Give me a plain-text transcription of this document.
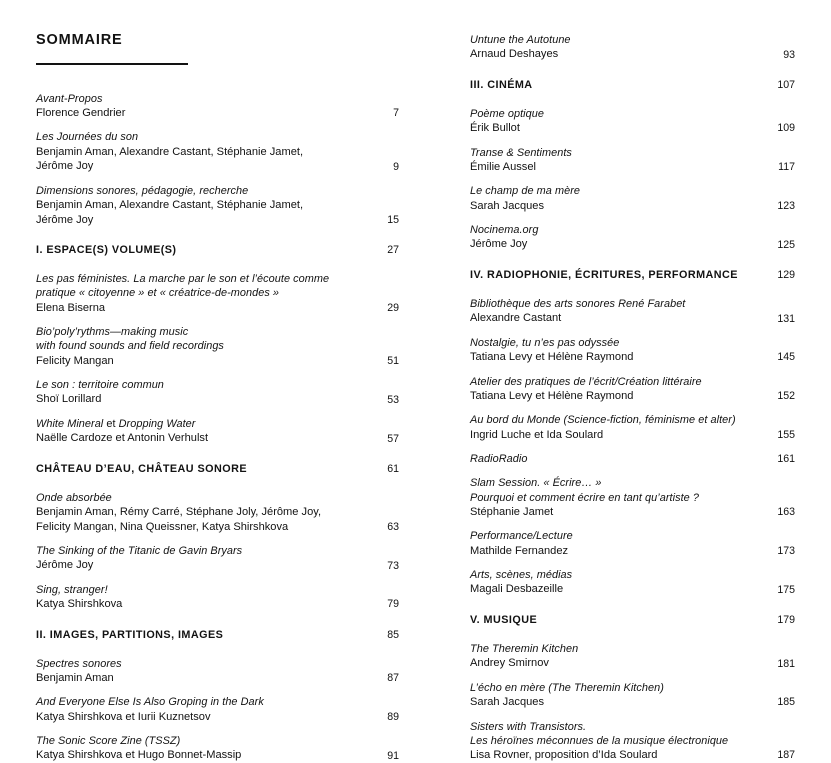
SOMMAIRE
Avant-Propos
Florence Gendrier	7
Les Journées du son
Benjamin Aman, Alexandre Castant, Stéphanie Jamet,
Jérôme Joy	9
Dimensions sonores, pédagogie, recherche
Benjamin Aman, Alexandre Castant, Stéphanie Jamet,
Jérôme Joy	15
I. ESPACE(S) VOLUME(S)	27
Les pas féministes. La marche par le son et l’écoute comme
pratique « citoyenne » et « créatrice-de-mondes »
Elena Biserna	29
Bio’poly’rythms—making music
with found sounds and field recordings
Felicity Mangan	51
Le son : territoire commun
Shoï Lorillard	53
White Mineral et Dropping Water
Naëlle Cardoze et Antonin Verhulst	57
CHÂTEAU D’EAU, CHÂTEAU SONORE	61
Onde absorbée
Benjamin Aman, Rémy Carré, Stéphane Joly, Jérôme Joy,
Felicity Mangan, Nina Queissner, Katya Shirshkova	63
The Sinking of the Titanic de Gavin Bryars
Jérôme Joy	73
Sing, stranger!
Katya Shirshkova	79
II. IMAGES, PARTITIONS, IMAGES	85
Spectres sonores
Benjamin Aman	87
And Everyone Else Is Also Groping in the Dark
Katya Shirshkova et Iurii Kuznetsov	89
The Sonic Score Zine (TSSZ)
Katya Shirshkova et Hugo Bonnet-Massip	91
Untune the Autotune
Arnaud Deshayes	93
III. CINÉMA	107
Poème optique
Érik Bullot	109
Transe & Sentiments
Émilie Aussel	117
Le champ de ma mère
Sarah Jacques	123
Nocinema.org
Jérôme Joy	125
IV. RADIOPHONIE, ÉCRITURES, PERFORMANCE	129
Bibliothèque des arts sonores René Farabet
Alexandre Castant	131
Nostalgie, tu n’es pas odyssée
Tatiana Levy et Hélène Raymond	145
Atelier des pratiques de l’écrit/Création littéraire
Tatiana Levy et Hélène Raymond	152
Au bord du Monde (Science-fiction, féminisme et alter)
Ingrid Luche et Ida Soulard	155
RadioRadio	161
Slam Session. « Écrire… »
Pourquoi et comment écrire en tant qu’artiste ?
Stéphanie Jamet	163
Performance/Lecture
Mathilde Fernandez	173
Arts, scènes, médias
Magali Desbazeille	175
V. MUSIQUE	179
The Theremin Kitchen
Andrey Smirnov	181
L’écho en mère (The Theremin Kitchen)
Sarah Jacques	185
Sisters with Transistors.
Les héroïnes méconnues de la musique électronique
Lisa Rovner, proposition d’Ida Soulard	187
